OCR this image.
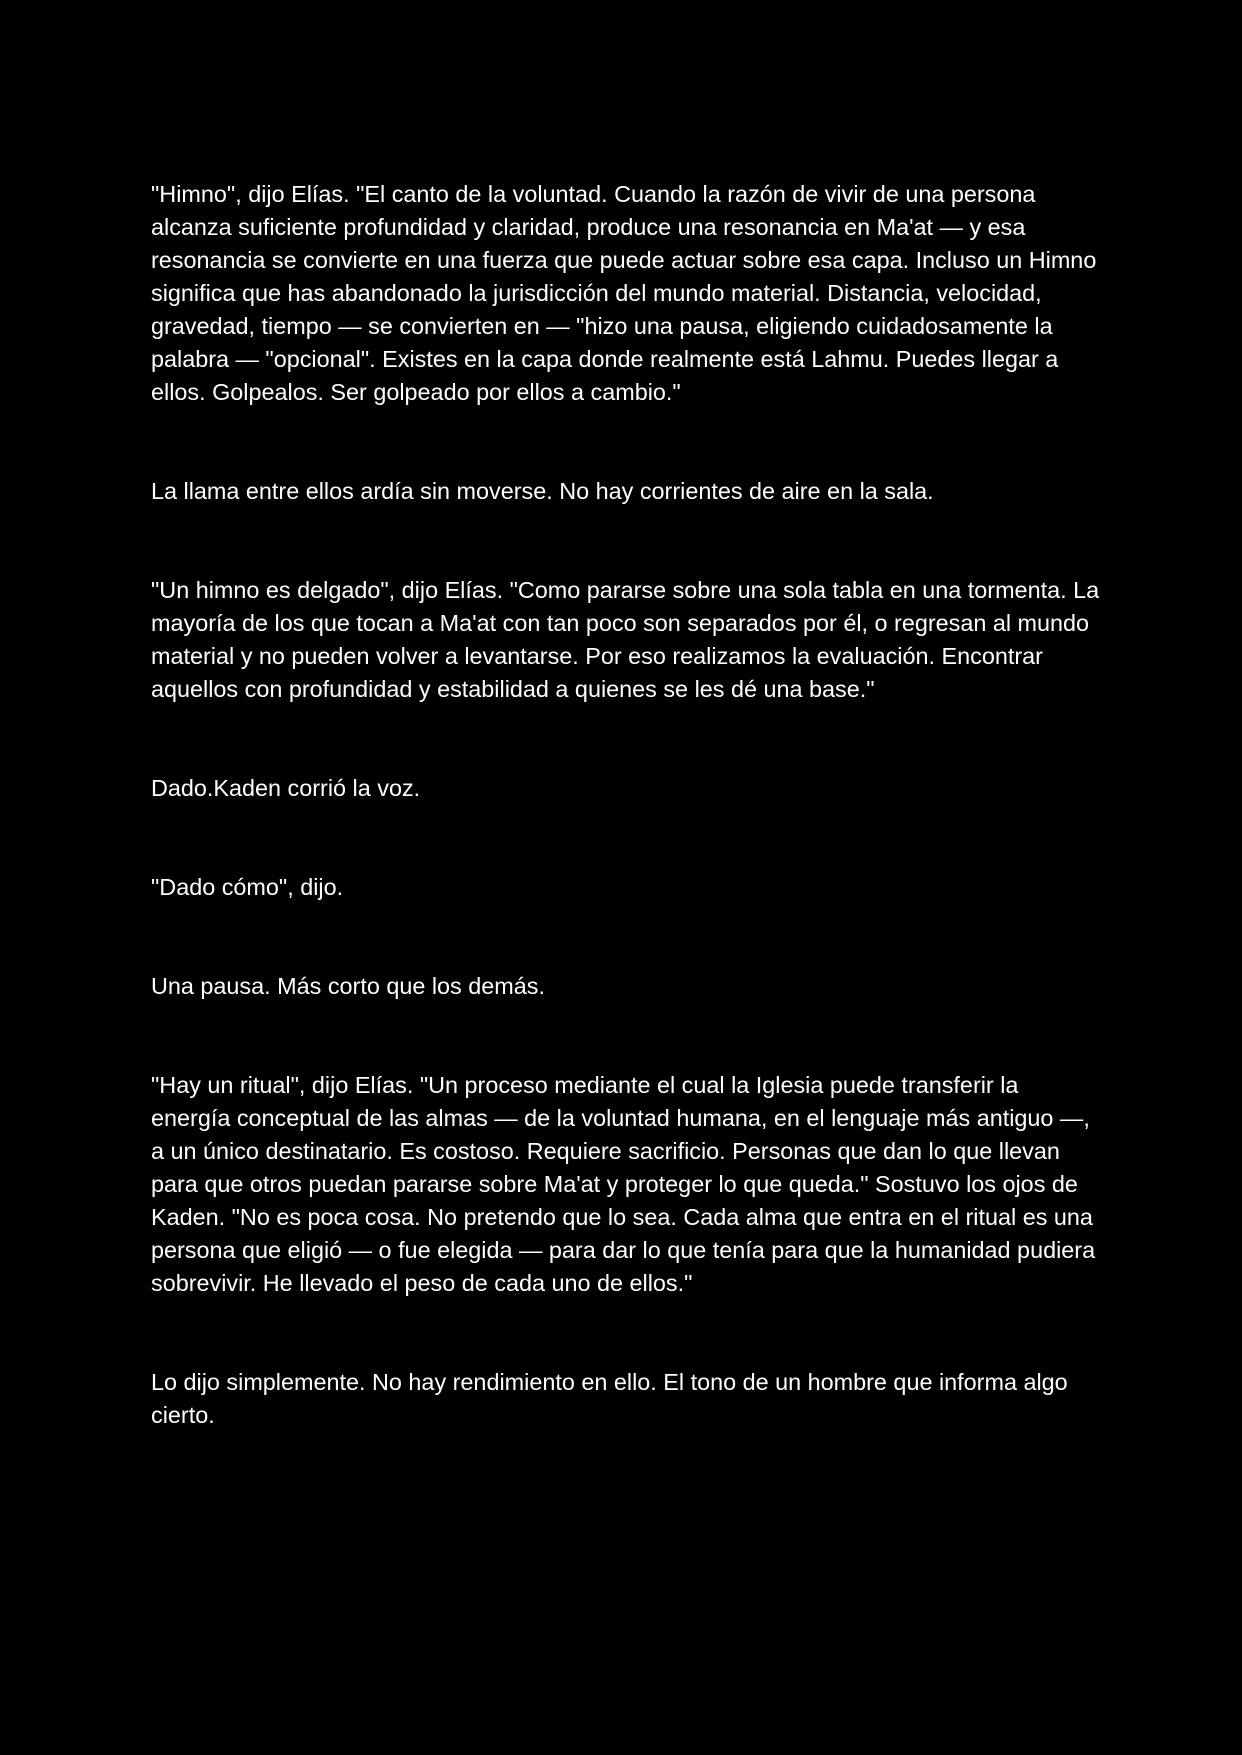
"Himno", dijo Elías. "El canto de la voluntad. Cuando la razón de vivir de una persona alcanza suficiente profundidad y claridad, produce una resonancia en Ma'at — y esa resonancia se convierte en una fuerza que puede actuar sobre esa capa. Incluso un Himno significa que has abandonado la jurisdicción del mundo material. Distancia, velocidad, gravedad, tiempo — se convierten en — "hizo una pausa, eligiendo cuidadosamente la palabra — "opcional". Existes en la capa donde realmente está Lahmu. Puedes llegar a ellos. Golpealos. Ser golpeado por ellos a cambio."

La llama entre ellos ardía sin moverse. No hay corrientes de aire en la sala.

"Un himno es delgado", dijo Elías. "Como pararse sobre una sola tabla en una tormenta. La mayoría de los que tocan a Ma'at con tan poco son separados por él, o regresan al mundo material y no pueden volver a levantarse. Por eso realizamos la evaluación. Encontrar aquellos con profundidad y estabilidad a quienes se les dé una base."

Dado.Kaden corrió la voz.

"Dado cómo", dijo.

Una pausa. Más corto que los demás.

"Hay un ritual", dijo Elías. "Un proceso mediante el cual la Iglesia puede transferir la energía conceptual de las almas — de la voluntad humana, en el lenguaje más antiguo —, a un único destinatario. Es costoso. Requiere sacrificio. Personas que dan lo que llevan para que otros puedan pararse sobre Ma'at y proteger lo que queda." Sostuvo los ojos de Kaden. "No es poca cosa. No pretendo que lo sea. Cada alma que entra en el ritual es una persona que eligió — o fue elegida — para dar lo que tenía para que la humanidad pudiera sobrevivir. He llevado el peso de cada uno de ellos."

Lo dijo simplemente. No hay rendimiento en ello. El tono de un hombre que informa algo cierto.
